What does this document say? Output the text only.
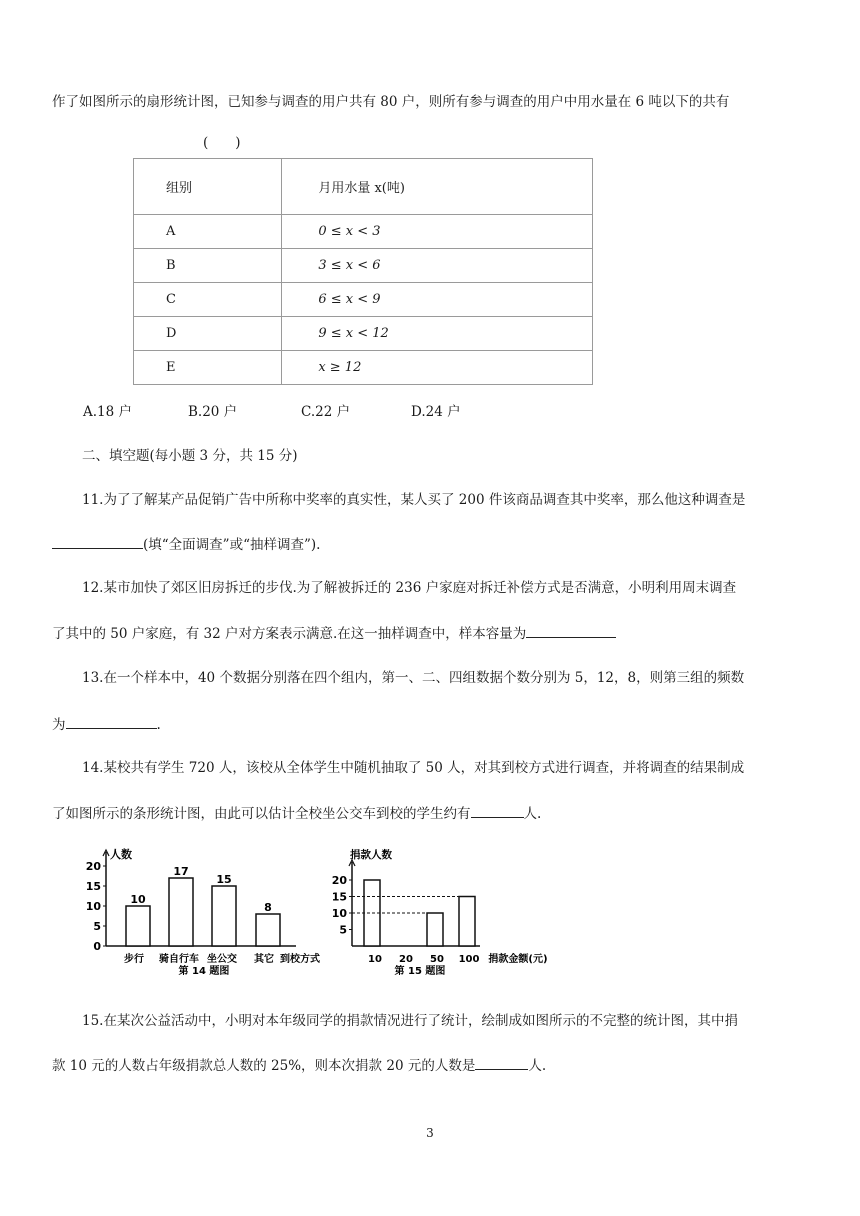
作了如图所示的扇形统计图，已知参与调查的用户共有 80 户，则所有参与调查的用户中用水量在 6 吨以下的共有
(　　)
组别	月用水量 x(吨)
A	0 ≤ x < 3
B	3 ≤ x < 6
C	6 ≤ x < 9
D	9 ≤ x < 12
E	x ≥ 12
A.18 户	B.20 户	C.22 户	D.24 户
二、填空题(每小题 3 分，共 15 分)
11.为了了解某产品促销广告中所称中奖率的真实性，某人买了 200 件该商品调查其中奖率，那么他这种调查是
(填“全面调查”或“抽样调查”).
12.某市加快了郊区旧房拆迁的步伐.为了解被拆迁的 236 户家庭对拆迁补偿方式是否满意，小明利用周末调查
了其中的 50 户家庭，有 32 户对方案表示满意.在这一抽样调查中，样本容量为
13.在一个样本中，40 个数据分别落在四个组内，第一、二、四组数据个数分别为 5，12，8，则第三组的频数
为	.
14.某校共有学生 720 人，该校从全体学生中随机抽取了 50 人，对其到校方式进行调查，并将调查的结果制成
了如图所示的条形统计图，由此可以估计全校坐公交车到校的学生约有	人.
人数
0
5
10
15
20
10
17
15
8
步行 骑自行车 坐公交 其它 到校方式
第 14 题图
捐款人数
5
10
15
20
10 20 50 100 捐款金额(元)
第 15 题图
15.在某次公益活动中，小明对本年级同学的捐款情况进行了统计，绘制成如图所示的不完整的统计图，其中捐
款 10 元的人数占年级捐款总人数的 25%，则本次捐款 20 元的人数是	人.
3
